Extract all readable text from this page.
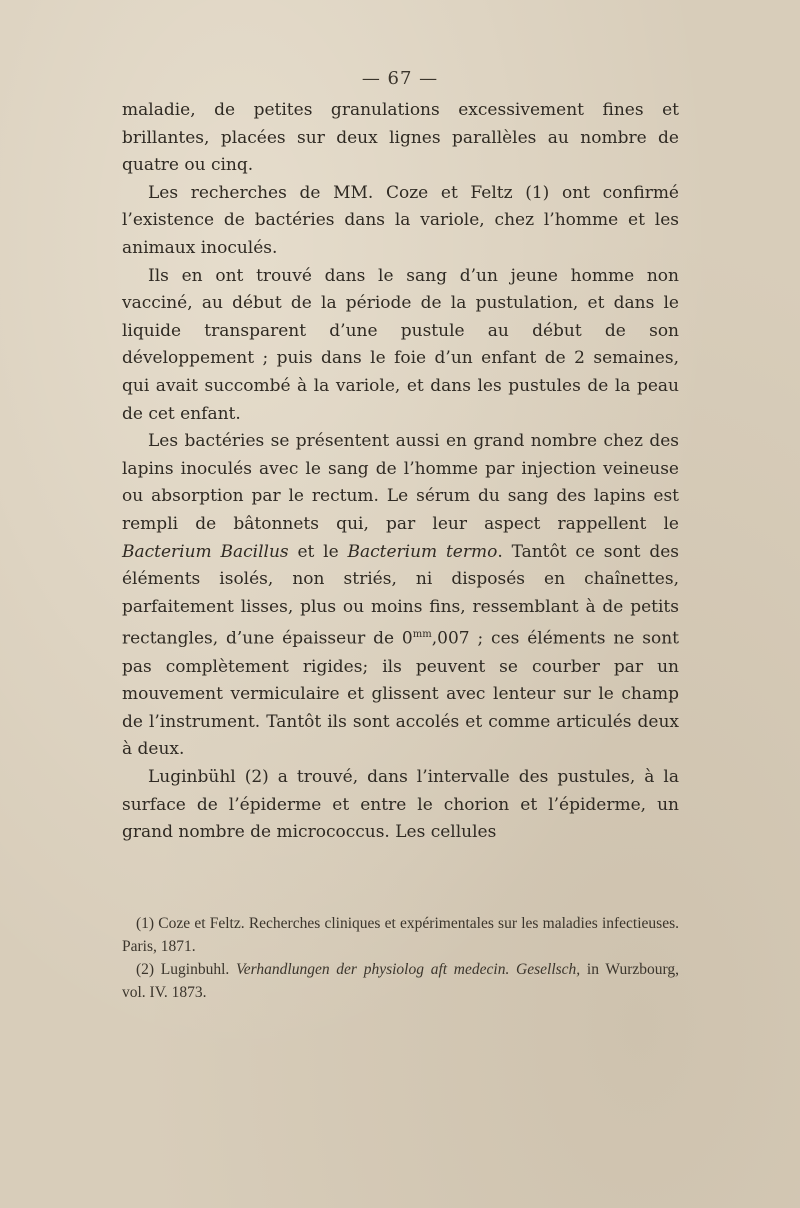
— 67 —

maladie, de petites granulations excessivement fines et brillantes, placées sur deux lignes parallèles au nombre de quatre ou cinq.

Les recherches de MM. Coze et Feltz (1) ont confirmé l’existence de bactéries dans la variole, chez l’homme et les animaux inoculés.

Ils en ont trouvé dans le sang d’un jeune homme non vacciné, au début de la période de la pustulation, et dans le liquide transparent d’une pustule au début de son développement ; puis dans le foie d’un enfant de 2 semaines, qui avait succombé à la variole, et dans les pustules de la peau de cet enfant.

Les bactéries se présentent aussi en grand nombre chez des lapins inoculés avec le sang de l’homme par injection veineuse ou absorption par le rectum. Le sérum du sang des lapins est rempli de bâtonnets qui, par leur aspect rappellent le Bacterium Bacillus et le Bacterium termo. Tantôt ce sont des éléments isolés, non striés, ni disposés en chaînettes, parfaitement lisses, plus ou moins fins, ressemblant à de petits rectangles, d’une épaisseur de $0^{mm},007$ ; ces éléments ne sont pas complètement rigides; ils peuvent se courber par un mouvement vermiculaire et glissent avec lenteur sur le champ de l’instrument. Tantôt ils sont accolés et comme articulés deux à deux.

Luginbühl (2) a trouvé, dans l’intervalle des pustules, à la surface de l’épiderme et entre le chorion et l’épiderme, un grand nombre de micrococcus. Les cellules

(1) Coze et Feltz. Recherches cliniques et expérimentales sur les maladies infectieuses. Paris, 1871.

(2) Luginbuhl. Verhandlungen der physiolog aft medecin. Gesellsch, in Wurzbourg, vol. IV. 1873.
